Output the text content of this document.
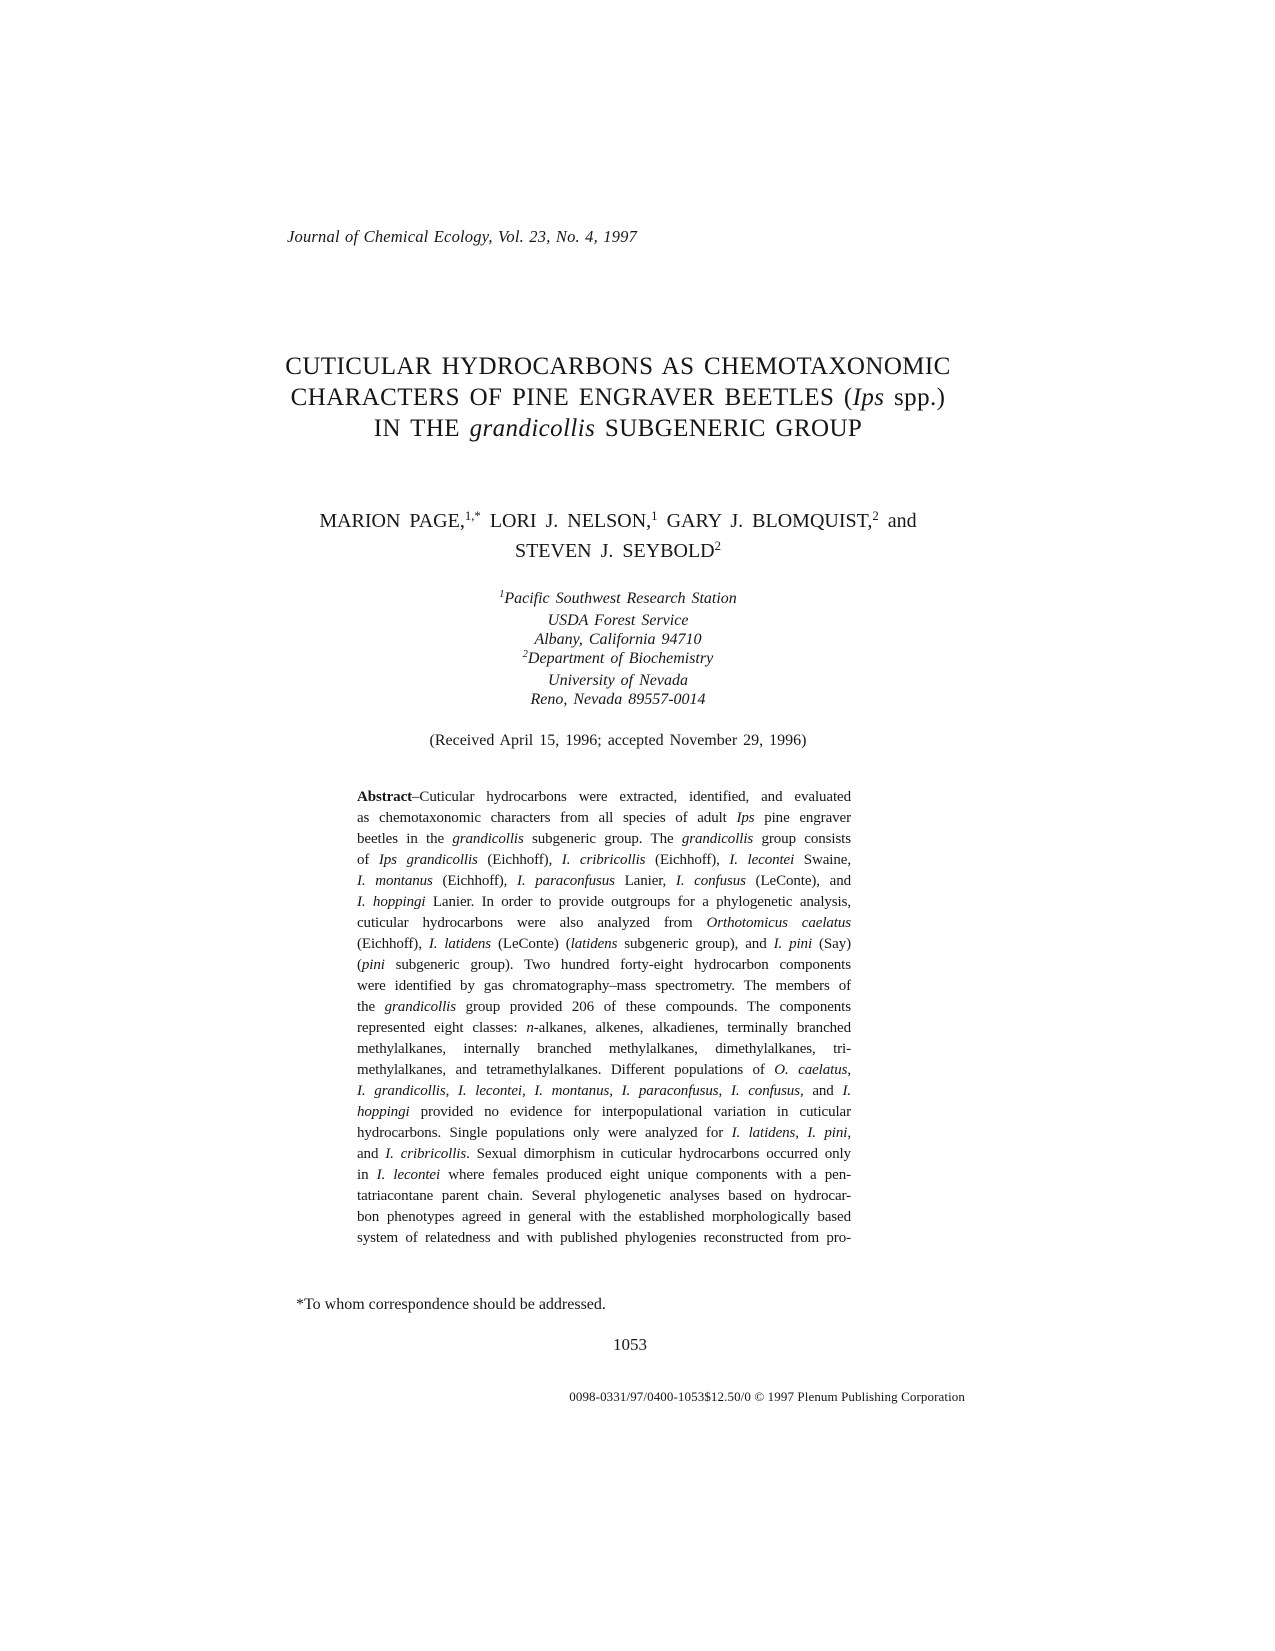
Journal of Chemical Ecology, Vol. 23, No. 4, 1997
CUTICULAR HYDROCARBONS AS CHEMOTAXONOMIC
CHARACTERS OF PINE ENGRAVER BEETLES (Ips spp.)
IN THE grandicollis SUBGENERIC GROUP
MARION PAGE,1,* LORI J. NELSON,1 GARY J. BLOMQUIST,2 and
STEVEN J. SEYBOLD2
1Pacific Southwest Research Station
USDA Forest Service
Albany, California 94710
2Department of Biochemistry
University of Nevada
Reno, Nevada 89557-0014
(Received April 15, 1996; accepted November 29, 1996)
Abstract–Cuticular hydrocarbons were extracted, identified, and evaluated
as chemotaxonomic characters from all species of adult Ips pine engraver
beetles in the grandicollis subgeneric group. The grandicollis group consists
of Ips grandicollis (Eichhoff), I. cribricollis (Eichhoff), I. lecontei Swaine,
I. montanus (Eichhoff), I. paraconfusus Lanier, I. confusus (LeConte), and
I. hoppingi Lanier. In order to provide outgroups for a phylogenetic analysis,
cuticular hydrocarbons were also analyzed from Orthotomicus caelatus
(Eichhoff), I. latidens (LeConte) (latidens subgeneric group), and I. pini (Say)
(pini subgeneric group). Two hundred forty-eight hydrocarbon components
were identified by gas chromatography–mass spectrometry. The members of
the grandicollis group provided 206 of these compounds. The components
represented eight classes: n-alkanes, alkenes, alkadienes, terminally branched
methylalkanes, internally branched methylalkanes, dimethylalkanes, tri-
methylalkanes, and tetramethylalkanes. Different populations of O. caelatus,
I. grandicollis, I. lecontei, I. montanus, I. paraconfusus, I. confusus, and I.
hoppingi provided no evidence for interpopulational variation in cuticular
hydrocarbons. Single populations only were analyzed for I. latidens, I. pini,
and I. cribricollis. Sexual dimorphism in cuticular hydrocarbons occurred only
in I. lecontei where females produced eight unique components with a pen-
tatriacontane parent chain. Several phylogenetic analyses based on hydrocar-
bon phenotypes agreed in general with the established morphologically based
system of relatedness and with published phylogenies reconstructed from pro-
*To whom correspondence should be addressed.
1053
0098-0331/97/0400-1053$12.50/0 © 1997 Plenum Publishing Corporation
